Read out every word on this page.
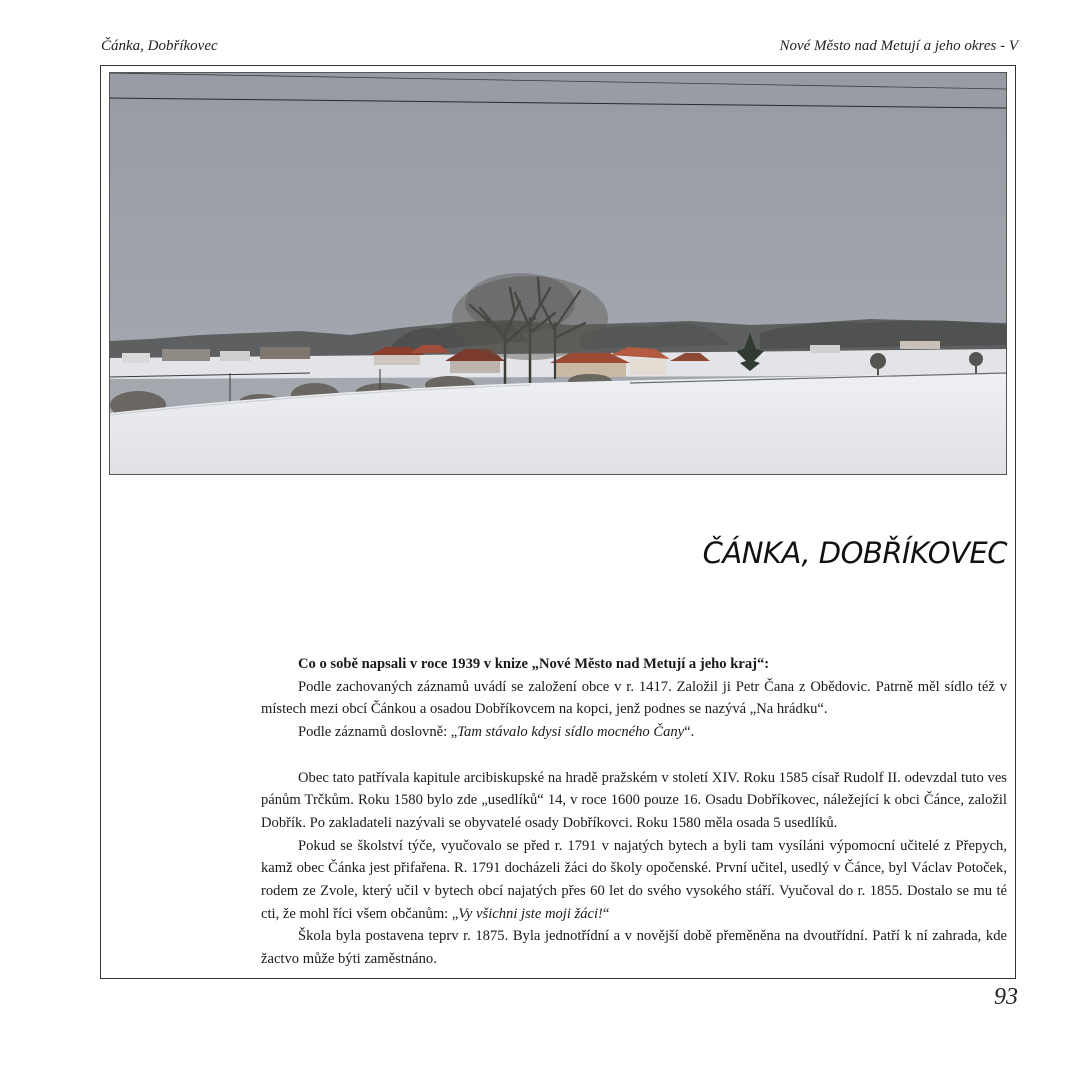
Čánka, Dobříkovec	Nové Město nad Metují a jeho okres - V
ČÁNKA, DOBŘÍKOVEC

Co o sobě napsali v roce 1939 v knize „Nové Město nad Metují a jeho kraj“:

Podle zachovaných záznamů uvádí se založení obce v r. 1417. Založil ji Petr Čana z Obědovic. Patrně měl sídlo též v místech mezi obcí Čánkou a osadou Dobříkovcem na kopci, jenž podnes se nazývá „Na hrádku“.

Podle záznamů doslovně: „Tam stávalo kdysi sídlo mocného Čany“.

Obec tato patřívala kapitule arcibiskupské na hradě pražském v století XIV. Roku 1585 císař Rudolf II. odevzdal tuto ves pánům Trčkům. Roku 1580 bylo zde „usedlíků“ 14, v roce 1600 pouze 16. Osadu Dobříkovec, náležející k obci Čánce, založil Dobřík. Po zakladateli nazývali se obyvatelé osady Dobříkovci. Roku 1580 měla osada 5 usedlíků.

Pokud se školství týče, vyučovalo se před r. 1791 v najatých bytech a byli tam vysíláni výpomocní učitelé z Přepych, kamž obec Čánka jest přifařena. R. 1791 docházeli žáci do školy opočenské. První učitel, usedlý v Čánce, byl Václav Potoček, rodem ze Zvole, který učil v bytech obcí najatých přes 60 let do svého vysokého stáří. Vyučoval do r. 1855. Dostalo se mu té cti, že mohl říci všem občanům: „Vy všichni jste moji žáci!“

Škola byla postavena teprv r. 1875. Byla jednotřídní a v novější době přeměněna na dvoutřídní. Patří k ní zahrada, kde žactvo může býti zaměstnáno.

93
